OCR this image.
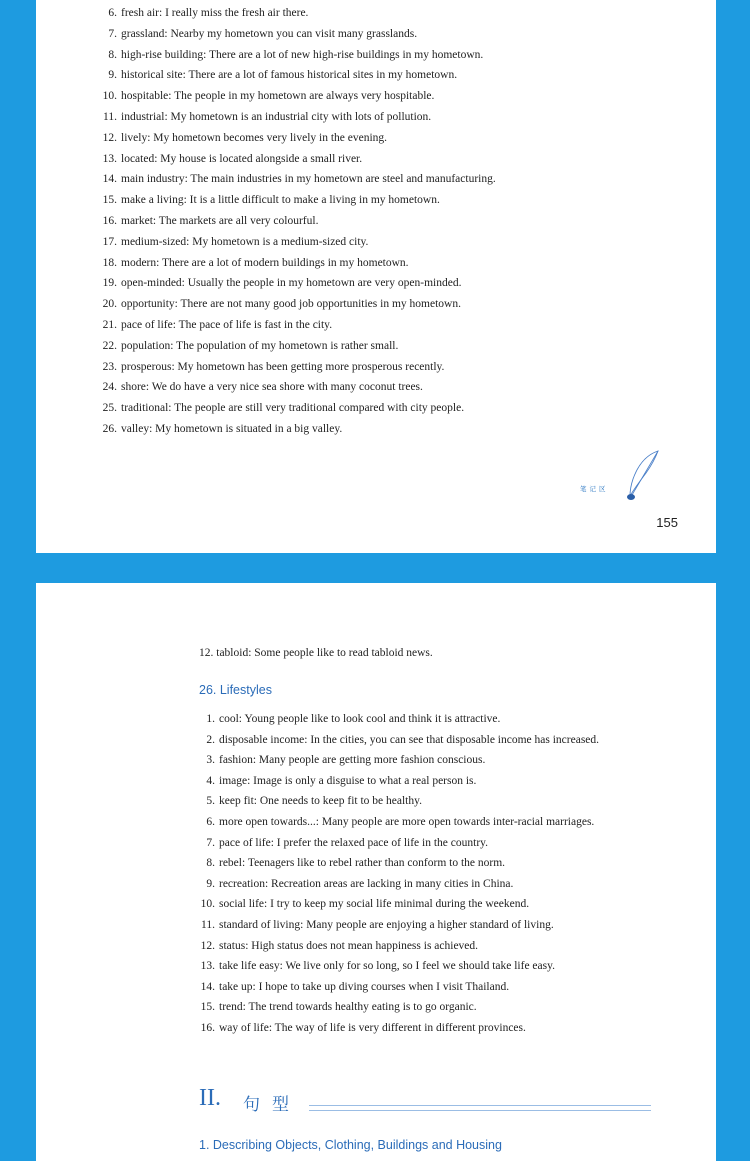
6. fresh air: I really miss the fresh air there.
7. grassland: Nearby my hometown you can visit many grasslands.
8. high-rise building: There are a lot of new high-rise buildings in my hometown.
9. historical site: There are a lot of famous historical sites in my hometown.
10. hospitable: The people in my hometown are always very hospitable.
11. industrial: My hometown is an industrial city with lots of pollution.
12. lively: My hometown becomes very lively in the evening.
13. located: My house is located alongside a small river.
14. main industry: The main industries in my hometown are steel and manufacturing.
15. make a living: It is a little difficult to make a living in my hometown.
16. market: The markets are all very colourful.
17. medium-sized: My hometown is a medium-sized city.
18. modern: There are a lot of modern buildings in my hometown.
19. open-minded: Usually the people in my hometown are very open-minded.
20. opportunity: There are not many good job opportunities in my hometown.
21. pace of life: The pace of life is fast in the city.
22. population: The population of my hometown is rather small.
23. prosperous: My hometown has been getting more prosperous recently.
24. shore: We do have a very nice sea shore with many coconut trees.
25. traditional: The people are still very traditional compared with city people.
26. valley: My hometown is situated in a big valley.
笔记区
155
12. tabloid: Some people like to read tabloid news.
26. Lifestyles
1. cool: Young people like to look cool and think it is attractive.
2. disposable income: In the cities, you can see that disposable income has increased.
3. fashion: Many people are getting more fashion conscious.
4. image: Image is only a disguise to what a real person is.
5. keep fit: One needs to keep fit to be healthy.
6. more open towards...: Many people are more open towards inter-racial marriages.
7. pace of life: I prefer the relaxed pace of life in the country.
8. rebel: Teenagers like to rebel rather than conform to the norm.
9. recreation: Recreation areas are lacking in many cities in China.
10. social life: I try to keep my social life minimal during the weekend.
11. standard of living: Many people are enjoying a higher standard of living.
12. status: High status does not mean happiness is achieved.
13. take life easy: We live only for so long, so I feel we should take life easy.
14. take up: I hope to take up diving courses when I visit Thailand.
15. trend: The trend towards healthy eating is to go organic.
16. way of life: The way of life is very different in different provinces.
II. 句型
1. Describing Objects, Clothing, Buildings and Housing
